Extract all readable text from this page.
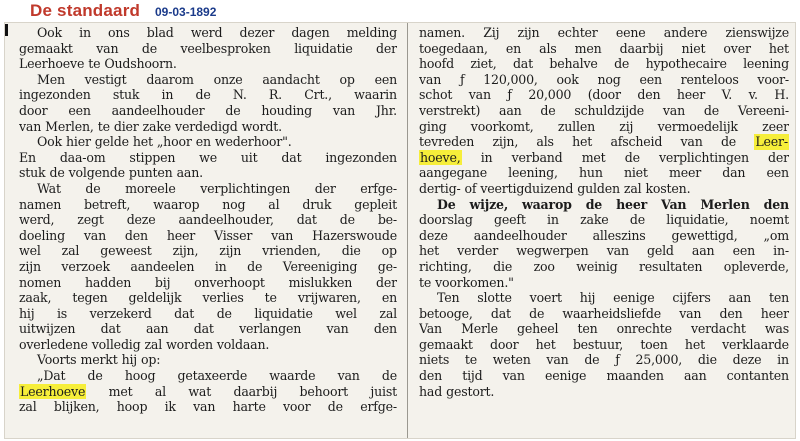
De standaard 09-03-1892
Ook in ons blad werd dezer dagen melding
gemaakt van de veelbesproken liquidatie der
Leerhoeve te Oudshoorn.
Men vestigt daarom onze aandacht op een
ingezonden stuk in de N. R. Crt., waarin
door een aandeelhouder de houding van Jhr.
van Merlen, te dier zake verdedigd wordt.
Ook hier gelde het „hoor en wederhoor".
En daa-om stippen we uit dat ingezonden
stuk de volgende punten aan.
Wat de moreele verplichtingen der erfge-
namen betreft, waarop nog al druk gepleit
werd, zegt deze aandeelhouder, dat de be-
doeling van den heer Visser van Hazerswoude
wel zal geweest zijn, zijn vrienden, die op
zijn verzoek aandeelen in de Vereeniging ge-
nomen hadden bij onverhoopt mislukken der
zaak, tegen geldelijk verlies te vrijwaren, en
hij is verzekerd dat de liquidatie wel zal
uitwijzen dat aan dat verlangen van den
overledene volledig zal worden voldaan.
Voorts merkt hij op:
„Dat de hoog getaxeerde waarde van de
Leerhoeve met al wat daarbij behoort juist
zal blijken, hoop ik van harte voor de erfge-
namen. Zij zijn echter eene andere zienswijze
toegedaan, en als men daarbij niet over het
hoofd ziet, dat behalve de hypothecaire leening
van ƒ 120,000, ook nog een renteloos voor-
schot van ƒ 20,000 (door den heer V. v. H.
verstrekt) aan de schuldzijde van de Vereeni-
ging voorkomt, zullen zij vermoedelijk zeer
tevreden zijn, als het afscheid van de Leer-
hoeve, in verband met de verplichtingen der
aangegane leening, hun niet meer dan een
dertig- of veertigduizend gulden zal kosten.
De wijze, waarop de heer Van Merlen den
doorslag geeft in zake de liquidatie, noemt
deze aandeelhouder alleszins gewettigd, „om
het verder wegwerpen van geld aan een in-
richting, die zoo weinig resultaten opleverde,
te voorkomen."
Ten slotte voert hij eenige cijfers aan ten
betooge, dat de waarheidsliefde van den heer
Van Merle geheel ten onrechte verdacht was
gemaakt door het bestuur, toen het verklaarde
niets te weten van de ƒ 25,000, die deze in
den tijd van eenige maanden aan contanten
had gestort.
